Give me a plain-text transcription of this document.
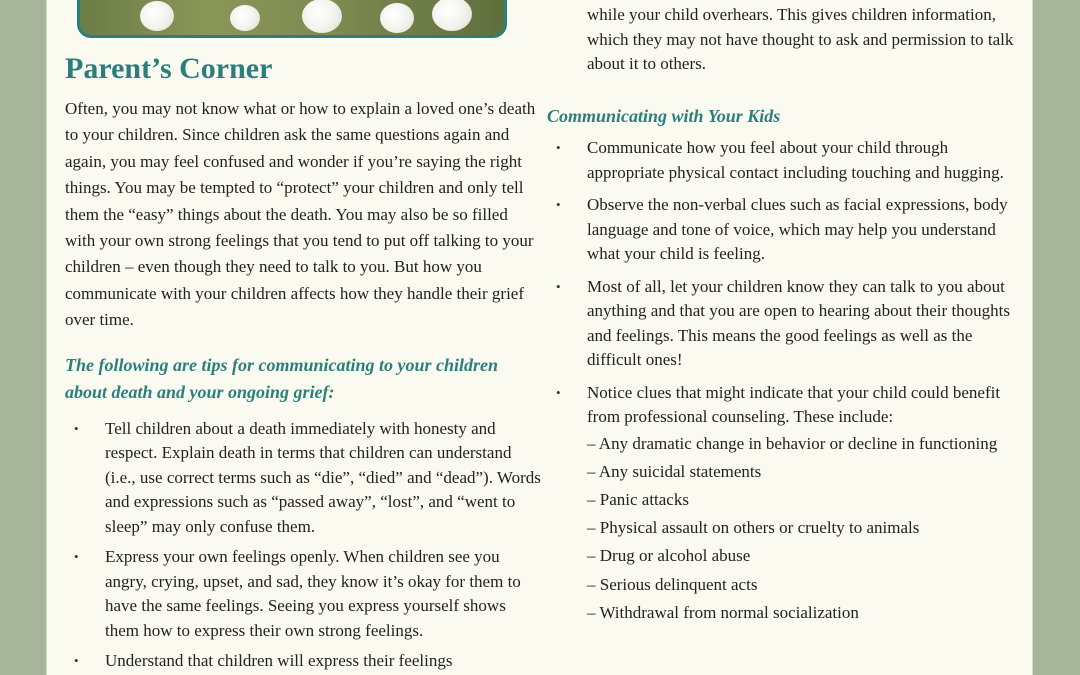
Parent’s Corner

Often, you may not know what or how to explain a loved one’s death to your children. Since children ask the same questions again and again, you may feel confused and wonder if you’re saying the right things. You may be tempted to “protect” your children and only tell them the “easy” things about the death. You may also be so filled with your own strong feelings that you tend to put off talking to your children – even though they need to talk to you. But how you communicate with your children affects how they handle their grief over time.

The following are tips for communicating to your children about death and your ongoing grief:
• Tell children about a death immediately with honesty and respect. Explain death in terms that children can understand (i.e., use correct terms such as “die”, “died” and “dead”). Words and expressions such as “passed away”, “lost”, and “went to sleep” may only confuse them.
• Express your own feelings openly. When children see you angry, crying, upset, and sad, they know it’s okay for them to have the same feelings. Seeing you express yourself shows them how to express their own strong feelings.
• Understand that children will express their feelings

while your child overhears. This gives children information, which they may not have thought to ask and permission to talk about it to others.

Communicating with Your Kids
• Communicate how you feel about your child through appropriate physical contact including touching and hugging.
• Observe the non-verbal clues such as facial expressions, body language and tone of voice, which may help you understand what your child is feeling.
• Most of all, let your children know they can talk to you about anything and that you are open to hearing about their thoughts and feelings. This means the good feelings as well as the difficult ones!
• Notice clues that might indicate that your child could benefit from professional counseling. These include:
– Any dramatic change in behavior or decline in functioning
– Any suicidal statements
– Panic attacks
– Physical assault on others or cruelty to animals
– Drug or alcohol abuse
– Serious delinquent acts
– Withdrawal from normal socialization
